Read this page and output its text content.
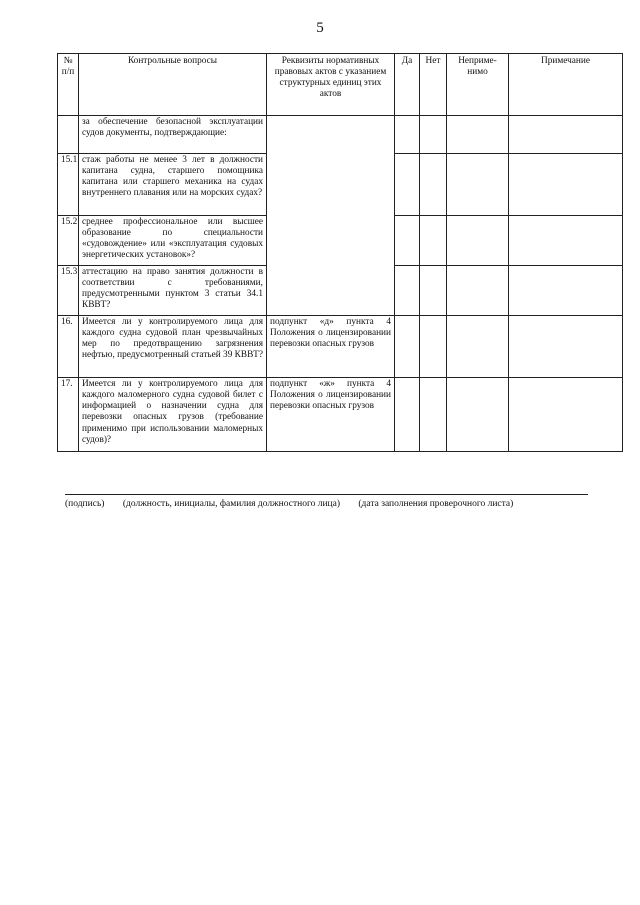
5
№ п/п	Контрольные вопросы	Реквизиты нормативных правовых актов с указанием структурных единиц этих актов	Да	Нет	Неприме-нимо	Примечание
	за обеспечение безопасной эксплуатации судов документы, подтверждающие:					
15.1	стаж работы не менее 3 лет в должности капитана судна, старшего помощника капитана или старшего механика на судах внутреннего плавания или на морских судах?					
15.2	среднее профессиональное или высшее образование по специальности «судовождение» или «эксплуатация судовых энергетических установок»?					
15.3	аттестацию на право занятия должности в соответствии с требованиями, предусмотренными пунктом 3 статьи 34.1 КВВТ?					
16.	Имеется ли у контролируемого лица для каждого судна судовой план чрезвычайных мер по предотвращению загрязнения нефтью, предусмотренный статьей 39 КВВТ?	подпункт «д» пункта 4 Положения о лицензировании перевозки опасных грузов				
17.	Имеется ли у контролируемого лица для каждого маломерного судна судовой билет с информацией о назначении судна для перевозки опасных грузов (требование применимо при использовании маломерных судов)?	подпункт «ж» пункта 4 Положения о лицензировании перевозки опасных грузов				
(подпись) (должность, инициалы, фамилия должностного лица) (дата заполнения проверочного листа)
